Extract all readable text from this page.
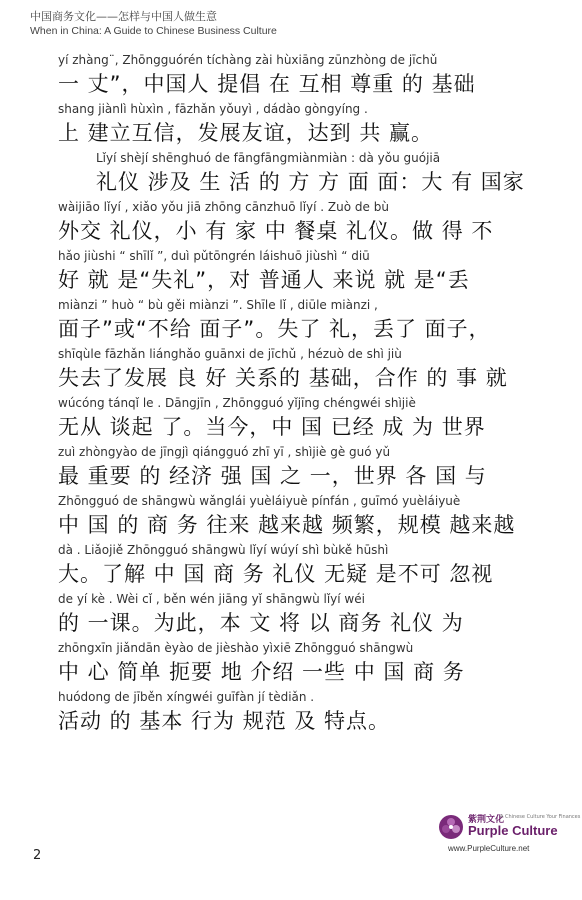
中国商务文化——怎样与中国人做生意
When in China: A Guide to Chinese Business Culture
yí zhàng¨, Zhōngguórén tíchàng zài hùxiāng zūnzhòng de jīchǔ
一 丈”，中国人 提倡 在 互相 尊重 的 基础
shang jiànlì hùxìn , fāzhǎn yǒuyì , dádào gòngyíng .
上 建立互信，发展友谊，达到 共 赢。
Lǐyí shèjí shēnghuó de fāngfāngmiànmiàn : dà yǒu guójiā
礼仪 涉及 生 活 的 方 方 面 面：大 有 国家
wàijiāo lǐyí , xiǎo yǒu jiā zhōng cānzhuō lǐyí . Zuò de bù
外交 礼仪，小 有 家 中 餐桌 礼仪。做 得 不
hǎo jiùshi “ shīlǐ ”, duì pǔtōngrén láishuō jiùshì “ diū
好 就 是“失礼”，对 普通人 来说 就 是“丢
miànzi ” huò “ bù gěi miànzi ”. Shīle lǐ , diūle miànzi ,
面子”或“不给 面子”。失了 礼，丢了 面子，
shīqùle fāzhǎn liánghǎo guānxi de jīchǔ , hézuò de shì jiù
失去了发展 良 好 关系的 基础，合作 的 事 就
wúcóng tánqǐ le . Dāngjīn , Zhōngguó yǐjīng chéngwéi shìjiè
无从 谈起 了。当今，中 国 已经 成 为 世界
zuì zhòngyào de jīngjì qiángguó zhī yī , shìjiè gè guó yǔ
最 重要 的 经济 强 国 之 一，世界 各 国 与
Zhōngguó de shāngwù wǎnglái yuèláiyuè pínfán , guīmó yuèláiyuè
中 国 的 商 务 往来 越来越 频繁，规模 越来越
dà . Liǎojiě Zhōngguó shāngwù lǐyí wúyí shì bùkě hūshì
大。了解 中 国 商 务 礼仪 无疑 是不可 忽视
de yí kè . Wèi cǐ , běn wén jiāng yǐ shāngwù lǐyí wéi
的 一课。为此，本 文 将 以 商务 礼仪 为
zhōngxīn jiǎndān èyào de jièshào yìxiē Zhōngguó shāngwù
中 心 简单 扼要 地 介绍 一些 中 国 商 务
huódong de jīběn xíngwéi guīfàn jí tèdiǎn .
活动 的 基本 行为 规范 及 特点。
2
紫荆文化
A Chinese Culture Your Finances
Purple Culture
www.PurpleCulture.net
